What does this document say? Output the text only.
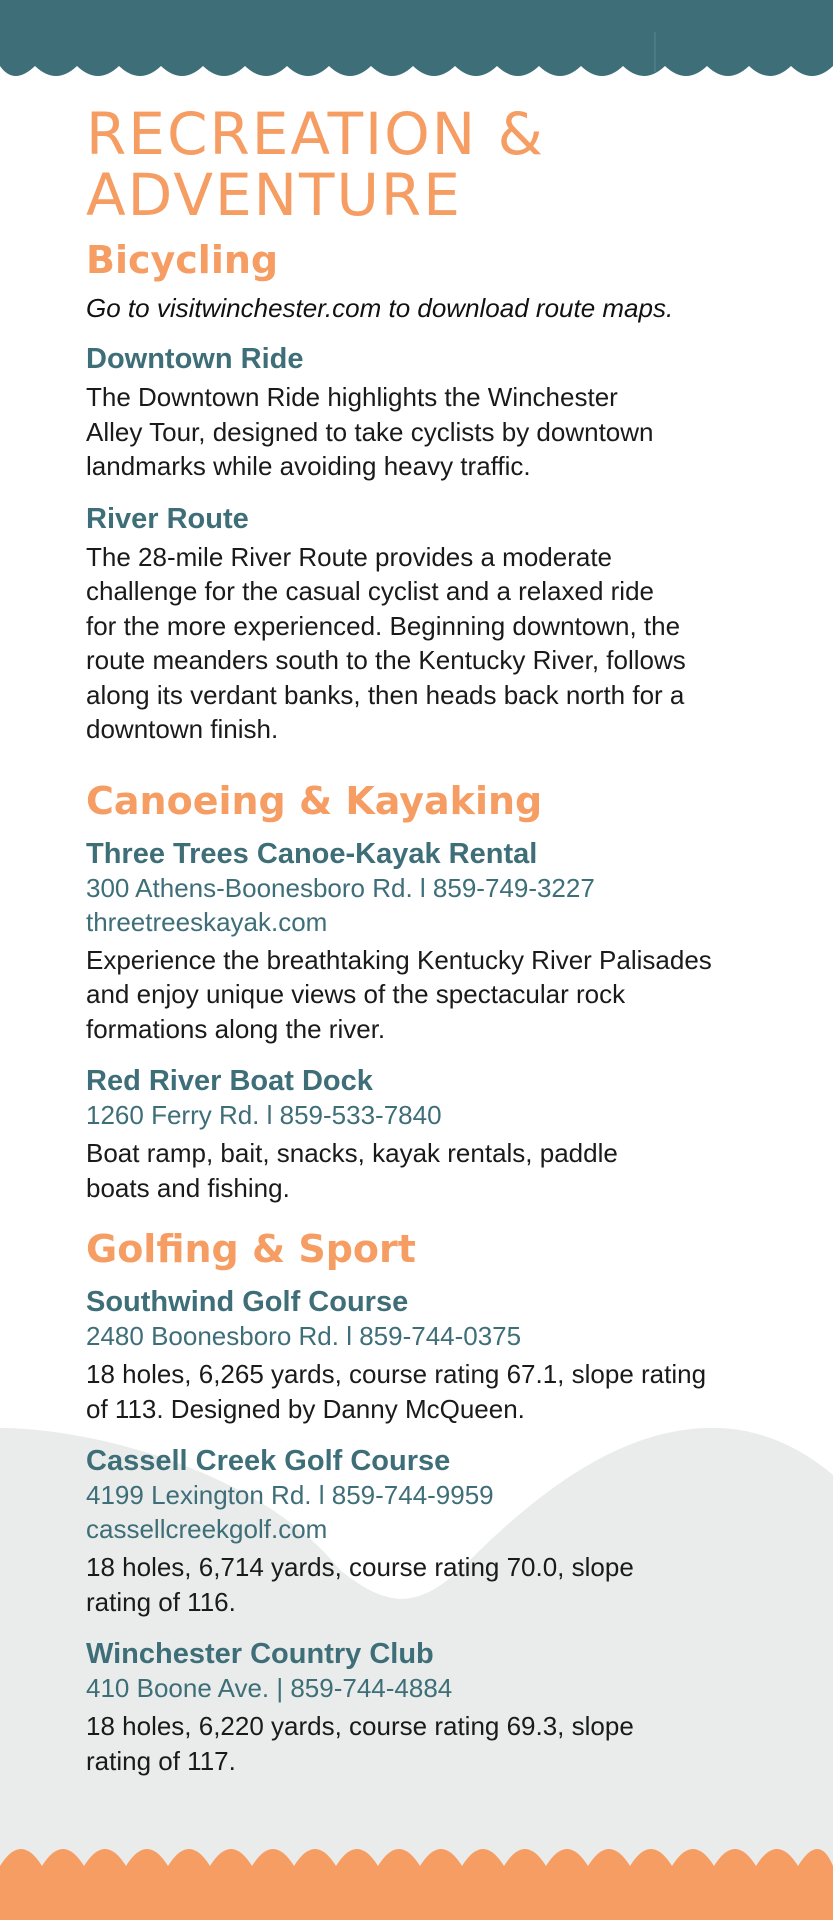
RECREATION &
ADVENTURE
Bicycling

Go to visitwinchester.com to download route maps.

Downtown Ride

The Downtown Ride highlights the Winchester
Alley Tour, designed to take cyclists by downtown
landmarks while avoiding heavy traffic.

River Route

The 28-mile River Route provides a moderate
challenge for the casual cyclist and a relaxed ride
for the more experienced. Beginning downtown, the
route meanders south to the Kentucky River, follows
along its verdant banks, then heads back north for a
downtown finish.

Canoeing & Kayaking
Three Trees Canoe-Kayak Rental

300 Athens-Boonesboro Rd. l 859-749-3227

threetreeskayak.com

Experience the breathtaking Kentucky River Palisades
and enjoy unique views of the spectacular rock
formations along the river.

Red River Boat Dock

1260 Ferry Rd. l 859-533-7840

Boat ramp, bait, snacks, kayak rentals, paddle
boats and fishing.

Golfing & Sport
Southwind Golf Course

2480 Boonesboro Rd. l 859-744-0375

18 holes, 6,265 yards, course rating 67.1, slope rating
of 113. Designed by Danny McQueen.

Cassell Creek Golf Course

4199 Lexington Rd. l 859-744-9959

cassellcreekgolf.com

18 holes, 6,714 yards, course rating 70.0, slope
rating of 116.

Winchester Country Club

410 Boone Ave. | 859-744-4884

18 holes, 6,220 yards, course rating 69.3, slope
rating of 117.
